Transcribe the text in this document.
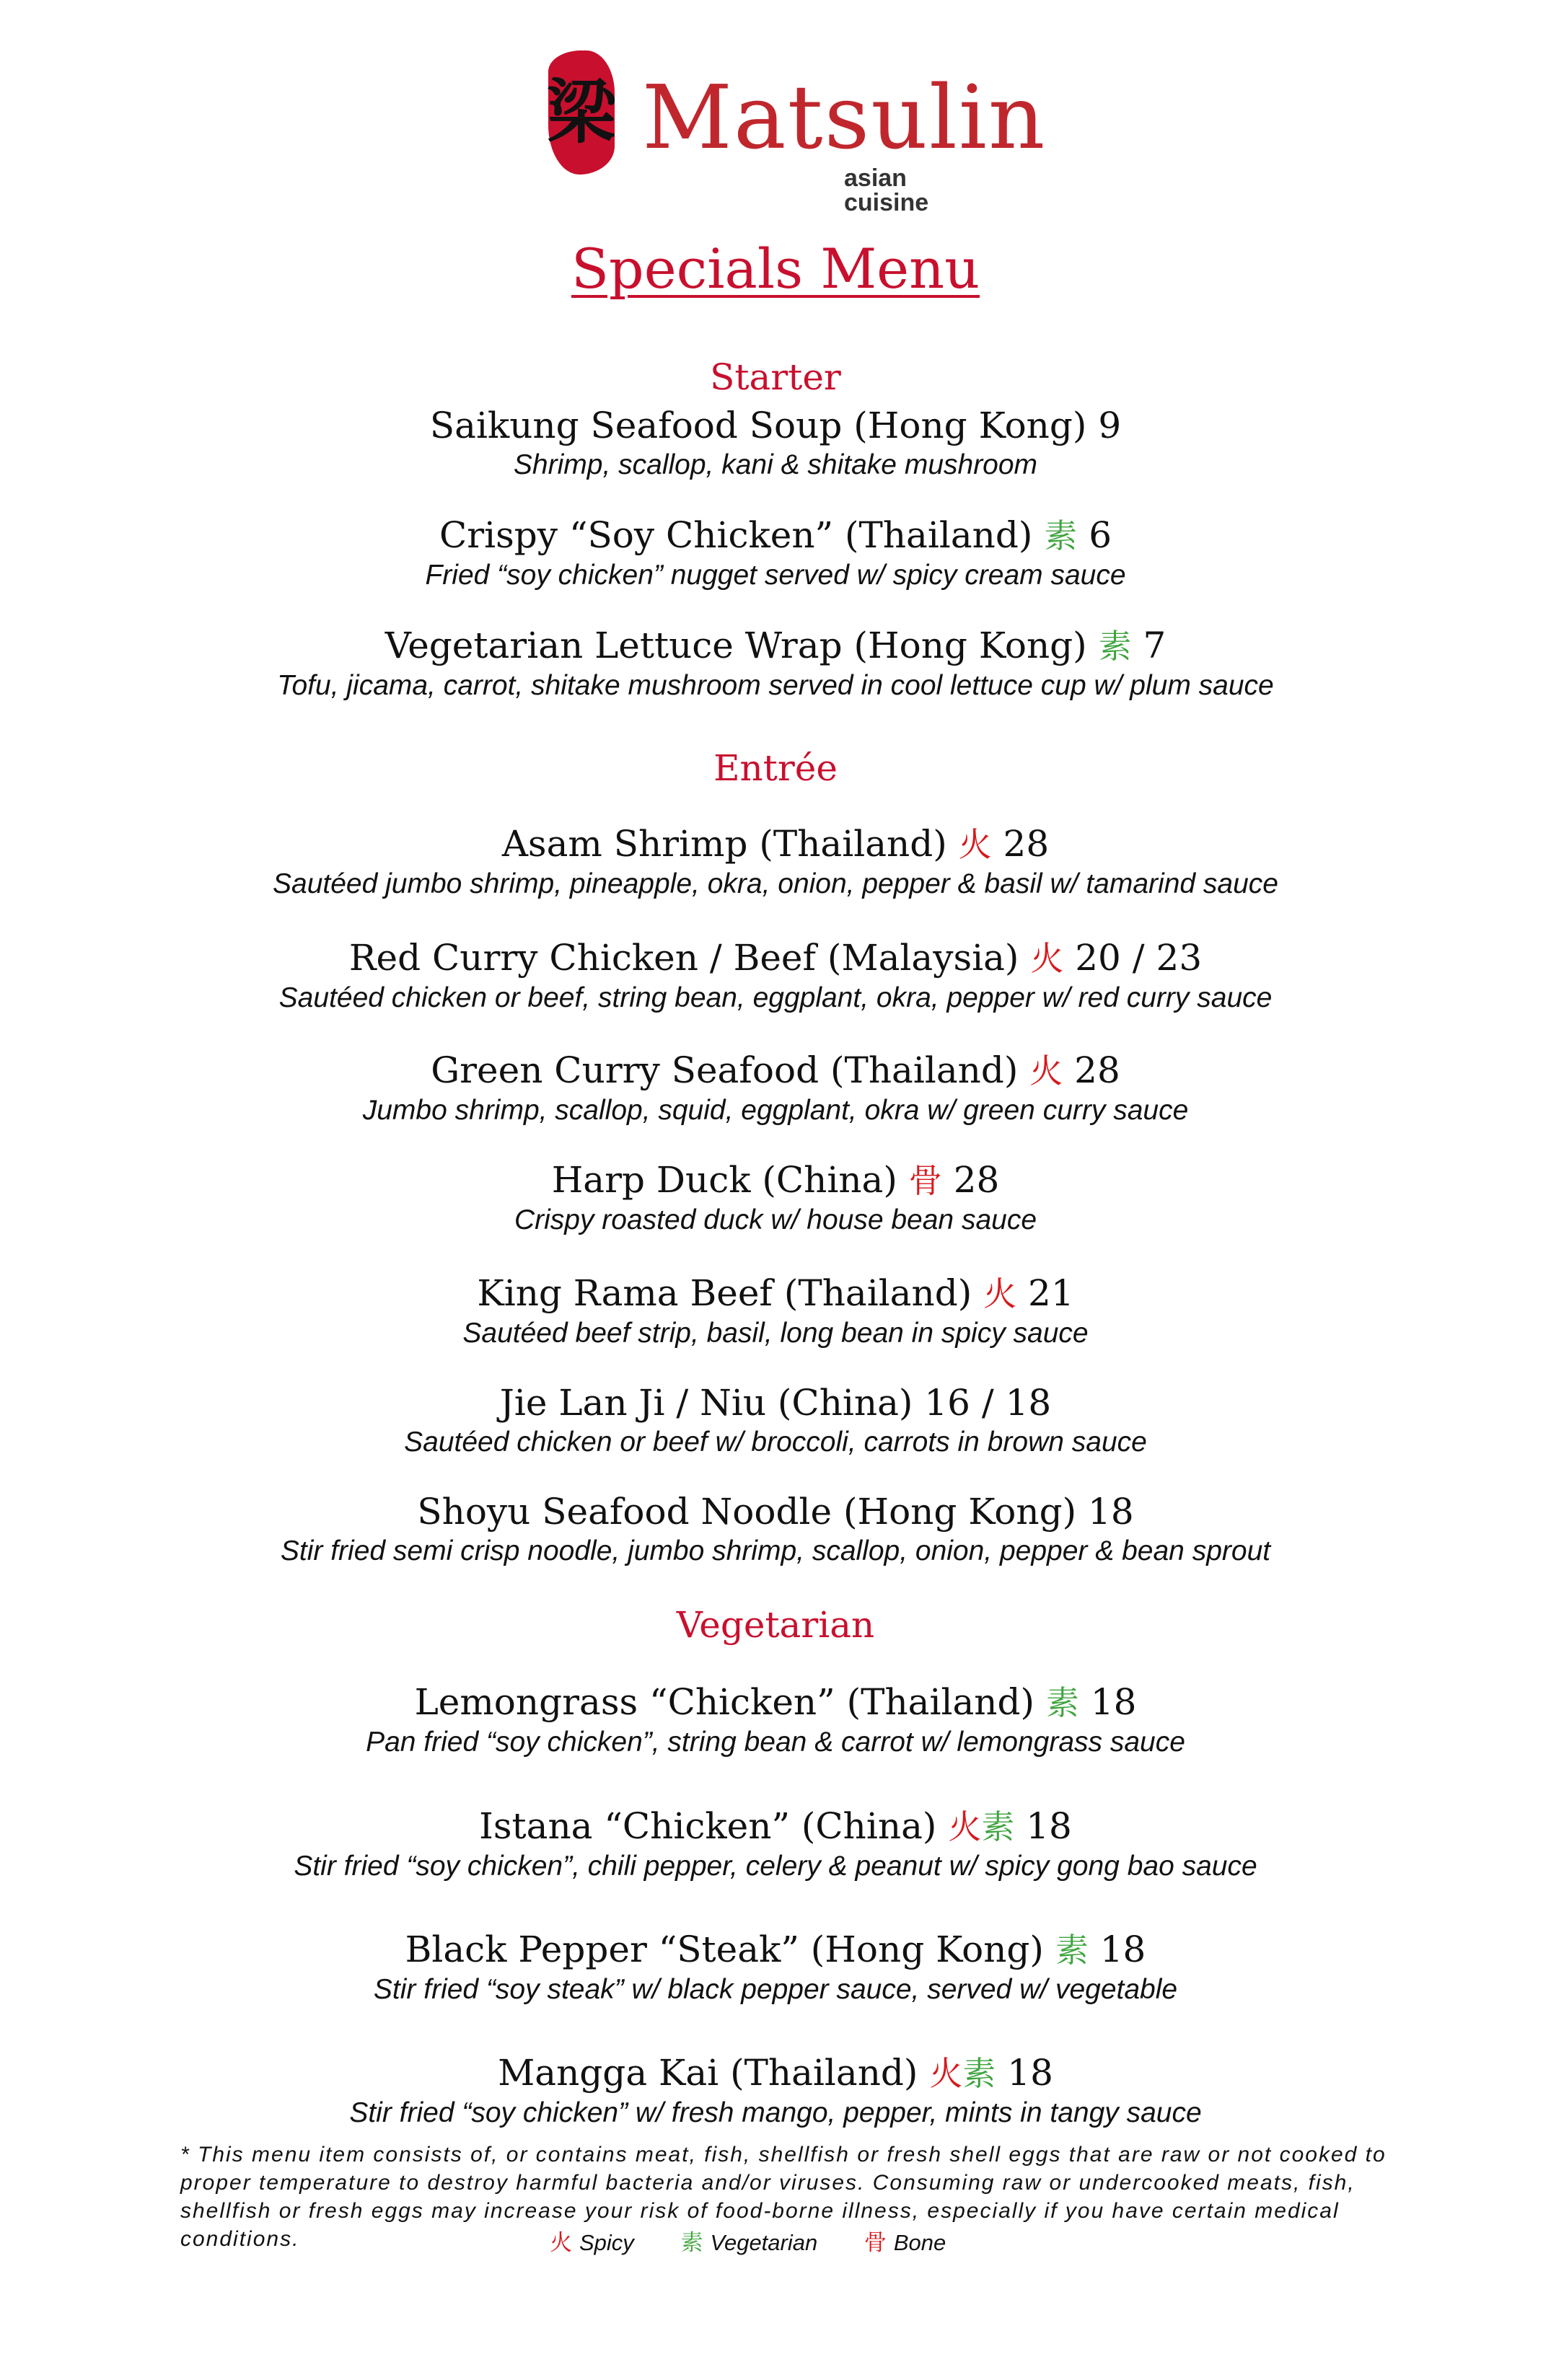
梁 Matsulin
asian cuisine
Specials Menu
Starter
Saikung Seafood Soup (Hong Kong) 9
Shrimp, scallop, kani & shitake mushroom
Crispy “Soy Chicken” (Thailand) 素 6
Fried “soy chicken” nugget served w/ spicy cream sauce
Vegetarian Lettuce Wrap (Hong Kong) 素 7
Tofu, jicama, carrot, shitake mushroom served in cool lettuce cup w/ plum sauce
Entrée
Asam Shrimp (Thailand) 火 28
Sautéed jumbo shrimp, pineapple, okra, onion, pepper & basil w/ tamarind sauce
Red Curry Chicken / Beef (Malaysia) 火 20 / 23
Sautéed chicken or beef, string bean, eggplant, okra, pepper w/ red curry sauce
Green Curry Seafood (Thailand) 火 28
Jumbo shrimp, scallop, squid, eggplant, okra w/ green curry sauce
Harp Duck (China) 骨 28
Crispy roasted duck w/ house bean sauce
King Rama Beef (Thailand) 火 21
Sautéed beef strip, basil, long bean in spicy sauce
Jie Lan Ji / Niu (China) 16 / 18
Sautéed chicken or beef w/ broccoli, carrots in brown sauce
Shoyu Seafood Noodle (Hong Kong) 18
Stir fried semi crisp noodle, jumbo shrimp, scallop, onion, pepper & bean sprout
Vegetarian
Lemongrass “Chicken” (Thailand) 素 18
Pan fried “soy chicken”, string bean & carrot w/ lemongrass sauce
Istana “Chicken” (China) 火素 18
Stir fried “soy chicken”, chili pepper, celery & peanut w/ spicy gong bao sauce
Black Pepper “Steak” (Hong Kong) 素 18
Stir fried “soy steak” w/ black pepper sauce, served w/ vegetable
Mangga Kai (Thailand) 火素 18
Stir fried “soy chicken” w/ fresh mango, pepper, mints in tangy sauce
* This menu item consists of, or contains meat, fish, shellfish or fresh shell eggs that are raw or not cooked to proper temperature to destroy harmful bacteria and/or viruses. Consuming raw or undercooked meats, fish, shellfish or fresh eggs may increase your risk of food-borne illness, especially if you have certain medical conditions.	火 Spicy 素 Vegetarian 骨 Bone
